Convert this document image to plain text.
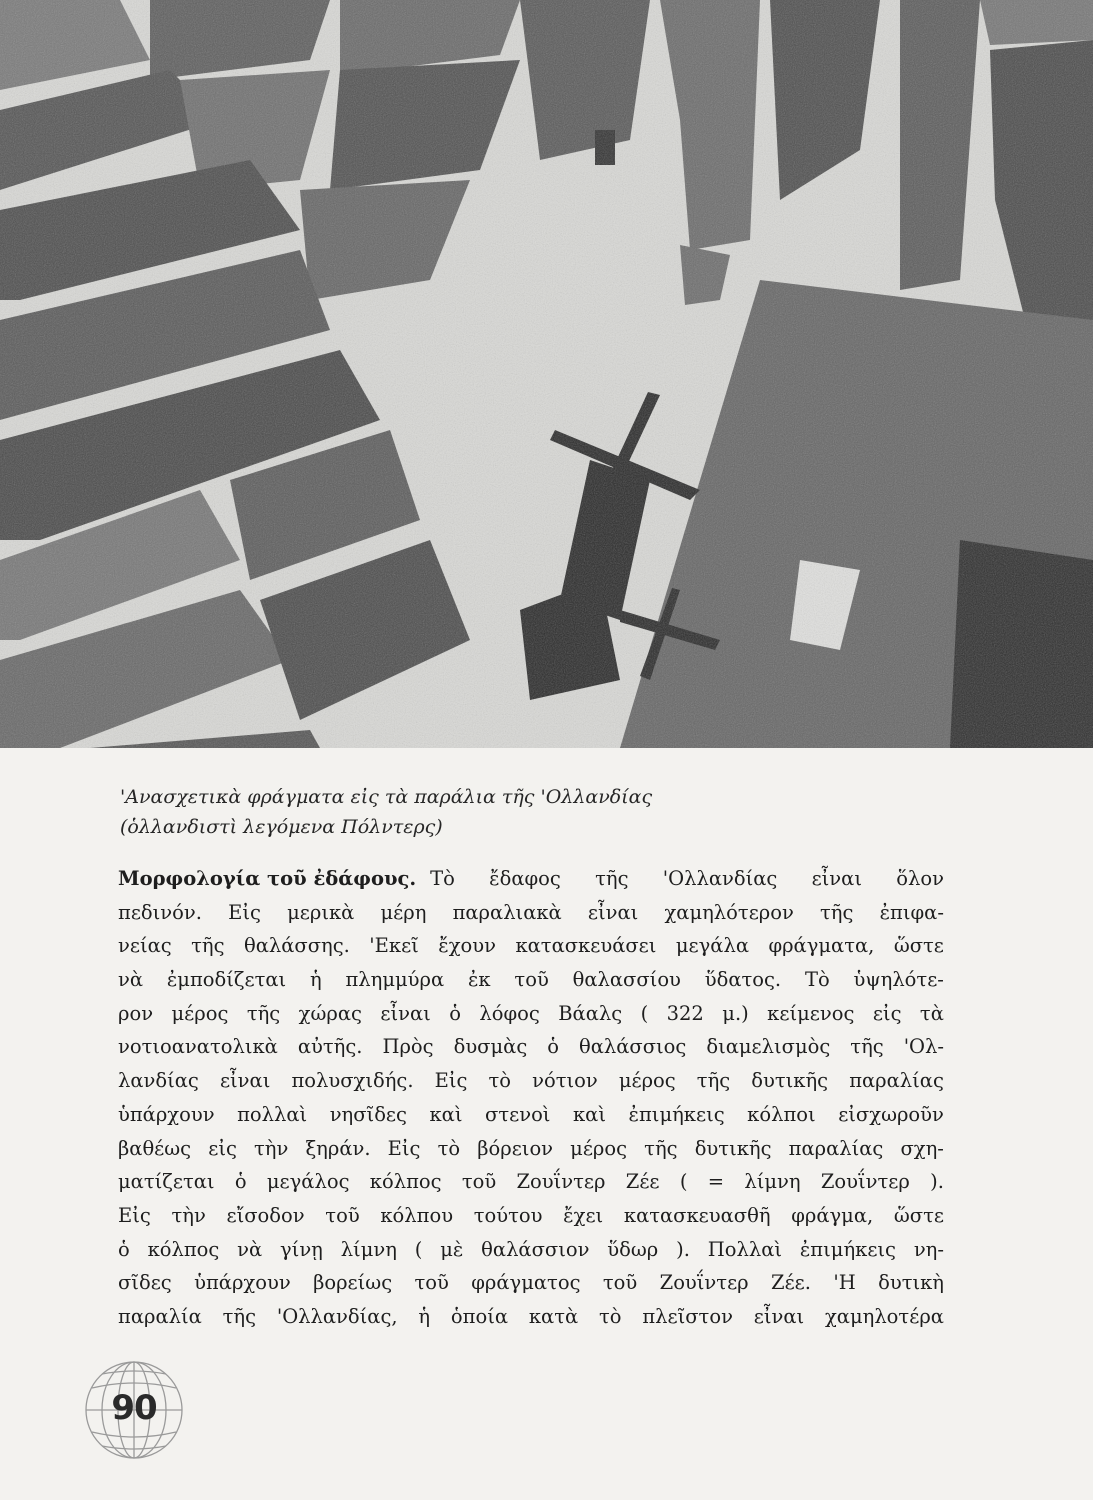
'Ανασχετικὰ φράγματα εἰς τὰ παράλια τῆς 'Ολλανδίας
(ὁλλανδιστὶ λεγόμενα Πόλντερς)
Μορφολογία τοῦ ἐδάφους. Τὸ ἔδαφος τῆς 'Ολλανδίας εἶναι ὅλον
πεδινόν. Εἰς μερικὰ μέρη παραλιακὰ εἶναι χαμηλότερον τῆς ἐπιφα-
νείας τῆς θαλάσσης. 'Εκεῖ ἔχουν κατασκευάσει μεγάλα φράγματα, ὥστε
νὰ ἐμποδίζεται ἡ πλημμύρα ἐκ τοῦ θαλασσίου ὕδατος. Τὸ ὑψηλότε-
ρον μέρος τῆς χώρας εἶναι ὁ λόφος Βάαλς ( 322 μ.) κείμενος εἰς τὰ
νοτιοανατολικὰ αὐτῆς. Πρὸς δυσμὰς ὁ θαλάσσιος διαμελισμὸς τῆς 'Ολ-
λανδίας εἶναι πολυσχιδής. Εἰς τὸ νότιον μέρος τῆς δυτικῆς παραλίας
ὑπάρχουν πολλαὶ νησῖδες καὶ στενοὶ καὶ ἐπιμήκεις κόλποι εἰσχωροῦν
βαθέως εἰς τὴν ξηράν. Εἰς τὸ βόρειον μέρος τῆς δυτικῆς παραλίας σχη-
ματίζεται ὁ μεγάλος κόλπος τοῦ Ζουΐντερ Ζέε ( = λίμνη Ζουΐντερ ).
Εἰς τὴν εἴσοδον τοῦ κόλπου τούτου ἔχει κατασκευασθῆ φράγμα, ὥστε
ὁ κόλπος νὰ γίνῃ λίμνη ( μὲ θαλάσσιον ὕδωρ ). Πολλαὶ ἐπιμήκεις νη-
σῖδες ὑπάρχουν βορείως τοῦ φράγματος τοῦ Ζουΐντερ Ζέε. 'Η δυτικὴ
παραλία τῆς 'Ολλανδίας, ἡ ὁποία κατὰ τὸ πλεῖστον εἶναι χαμηλοτέρα
90
